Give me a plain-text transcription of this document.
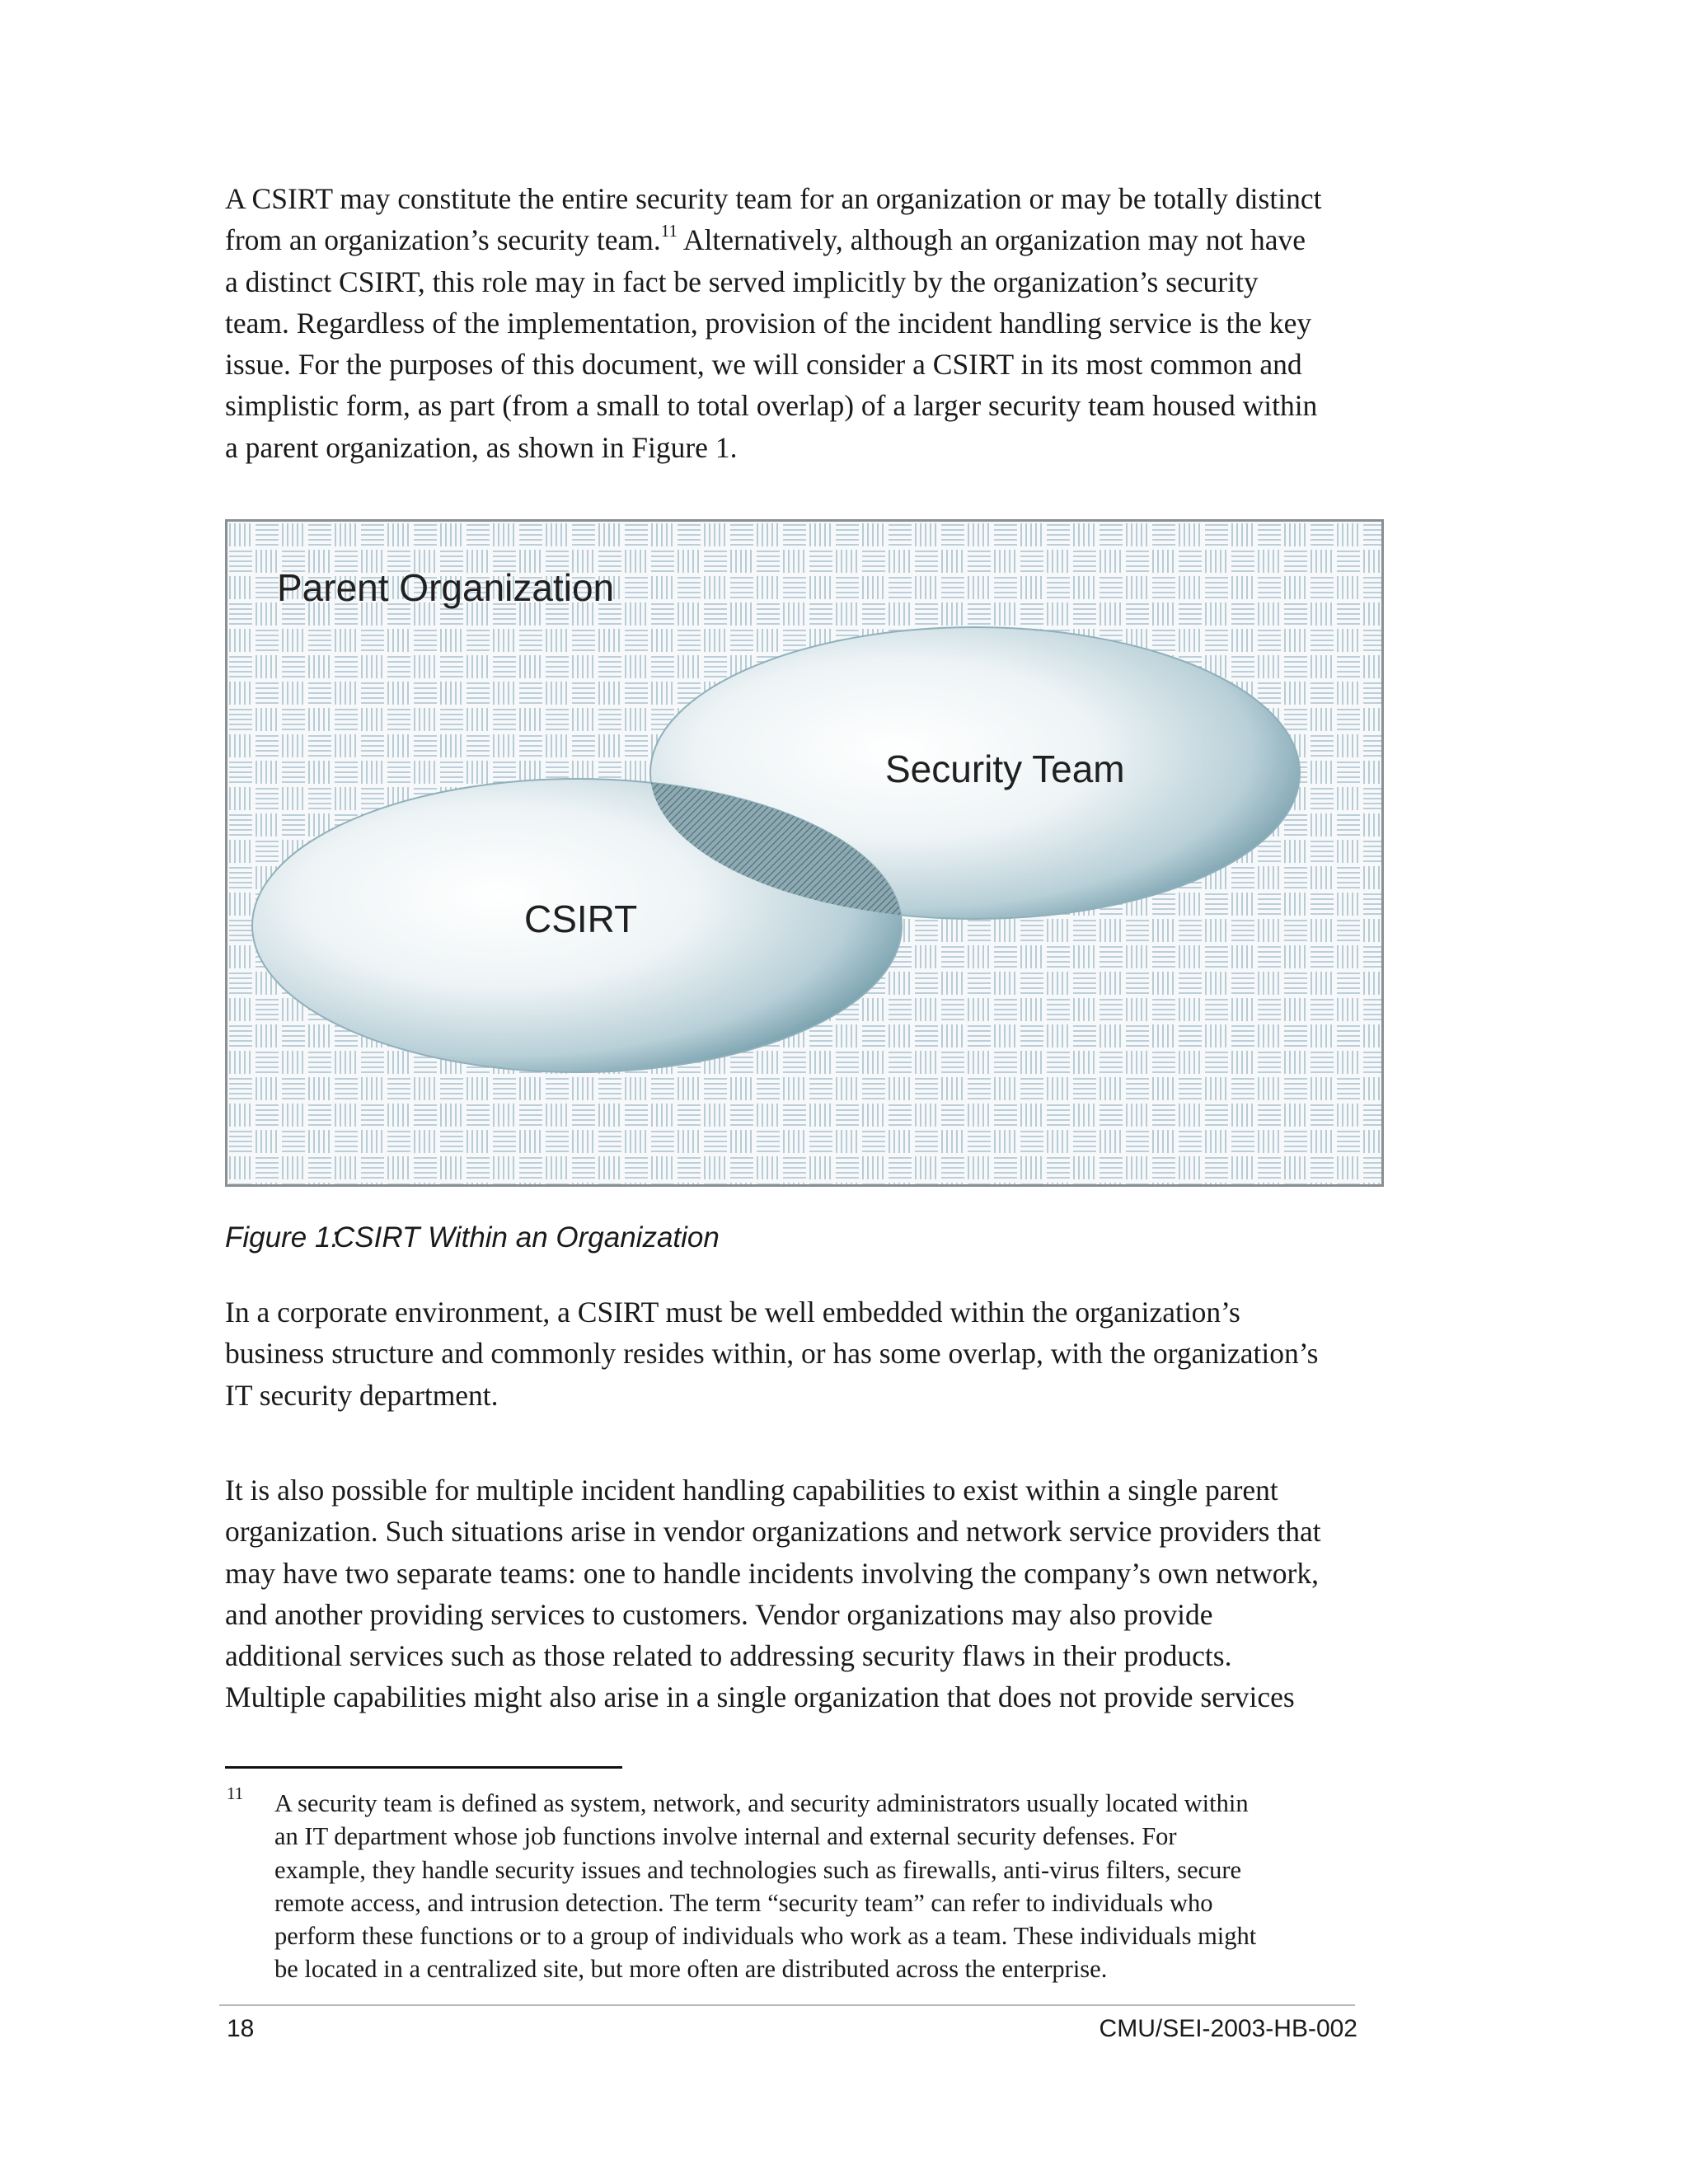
A CSIRT may constitute the entire security team for an organization or may be totally distinct
from an organization’s security team.$^{11}$ Alternatively, although an organization may not have
a distinct CSIRT, this role may in fact be served implicitly by the organization’s security
team. Regardless of the implementation, provision of the incident handling service is the key
issue. For the purposes of this document, we will consider a CSIRT in its most common and
simplistic form, as part (from a small to total overlap) of a larger security team housed within
a parent organization, as shown in Figure 1.

Parent Organization
Security Team
CSIRT
Figure 1:CSIRT Within an Organization

In a corporate environment, a CSIRT must be well embedded within the organization’s
business structure and commonly resides within, or has some overlap, with the organization’s
IT security department.

It is also possible for multiple incident handling capabilities to exist within a single parent
organization. Such situations arise in vendor organizations and network service providers that
may have two separate teams: one to handle incidents involving the company’s own network,
and another providing services to customers. Vendor organizations may also provide
additional services such as those related to addressing security flaws in their products.
Multiple capabilities might also arise in a single organization that does not provide services

11 A security team is defined as system, network, and security administrators usually located within
an IT department whose job functions involve internal and external security defenses. For
example, they handle security issues and technologies such as firewalls, anti-virus filters, secure
remote access, and intrusion detection. The term “security team” can refer to individuals who
perform these functions or to a group of individuals who work as a team. These individuals might
be located in a centralized site, but more often are distributed across the enterprise.
18	CMU/SEI-2003-HB-002
